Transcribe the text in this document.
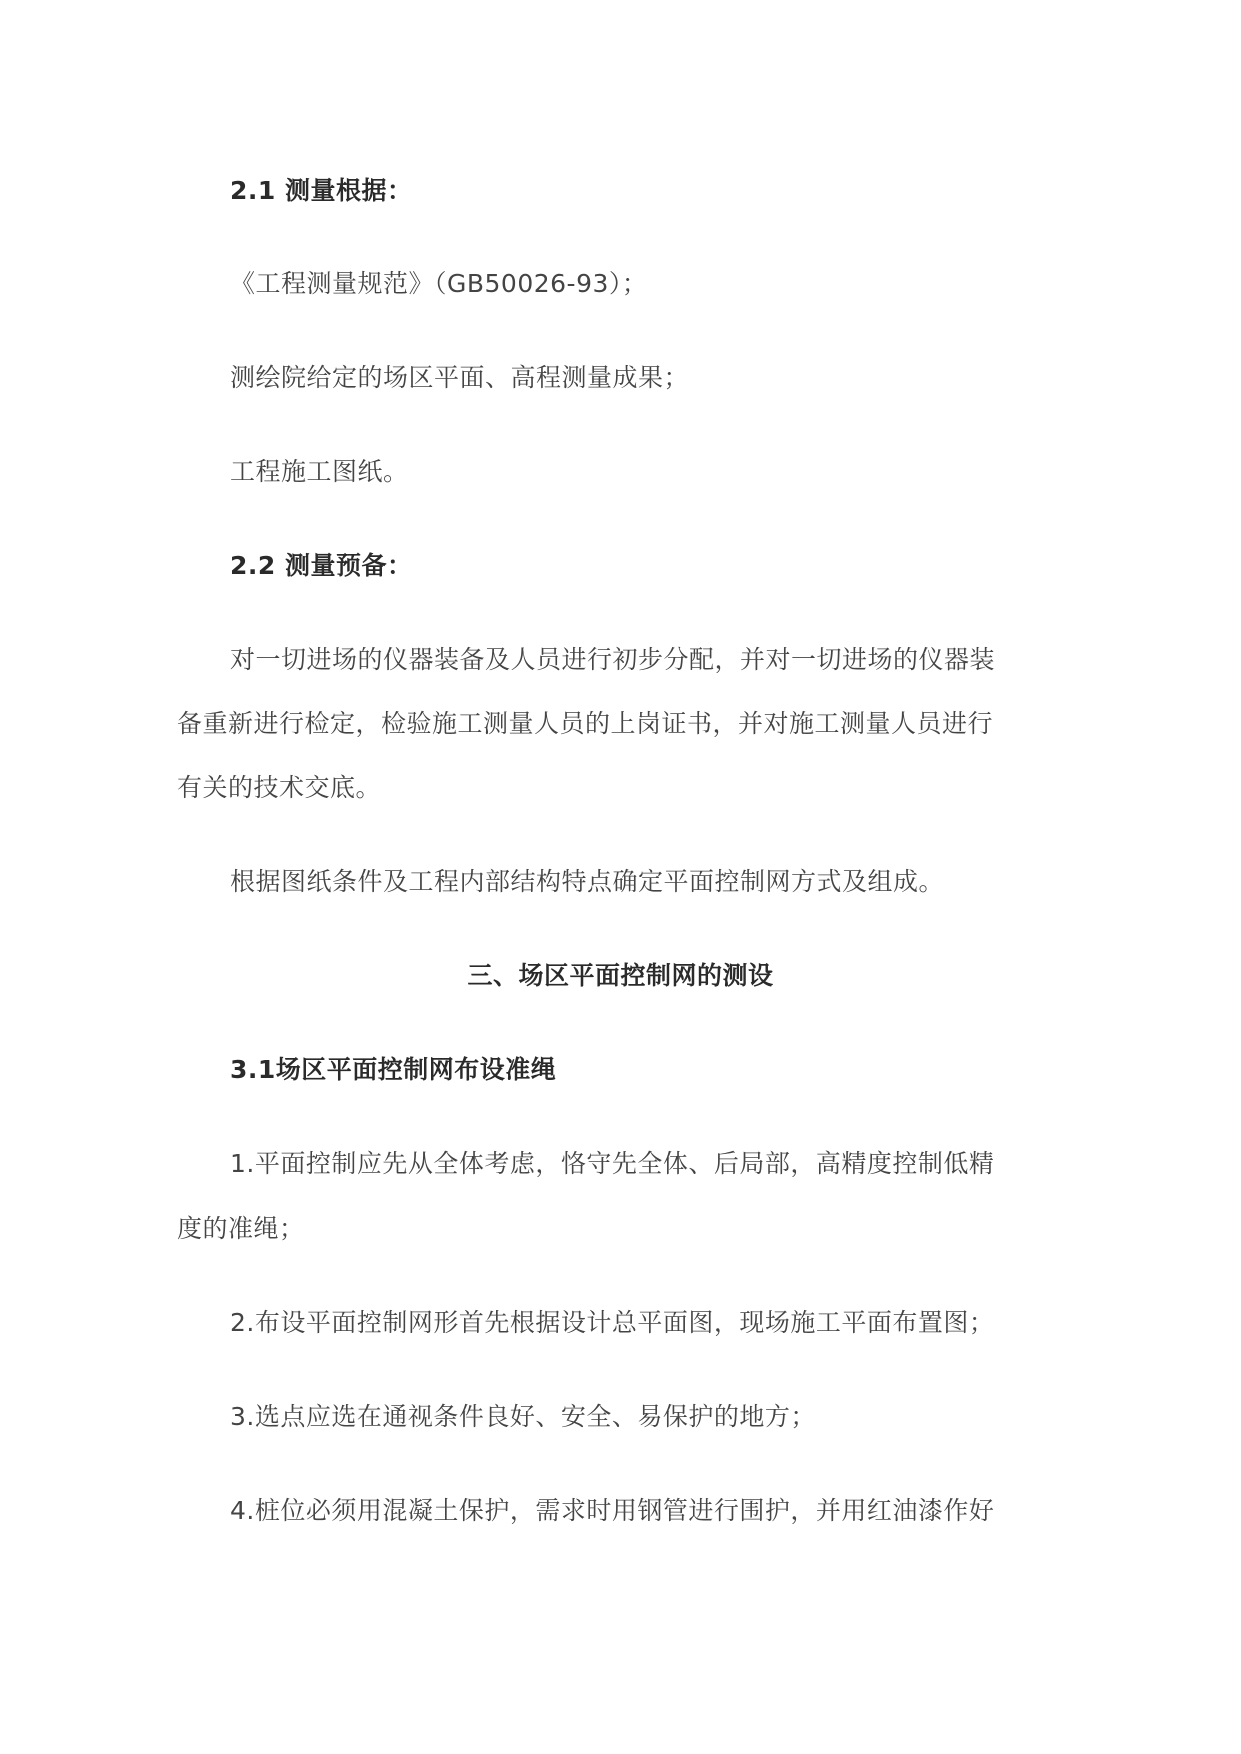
2.1 测量根据：
《工程测量规范》（GB50026-93）；
测绘院给定的场区平面、高程测量成果；
工程施工图纸。
2.2 测量预备：
对一切进场的仪器装备及人员进行初步分配，并对一切进场的仪器装
备重新进行检定，检验施工测量人员的上岗证书，并对施工测量人员进行
有关的技术交底。
根据图纸条件及工程内部结构特点确定平面控制网方式及组成。
三、场区平面控制网的测设
3.1场区平面控制网布设准绳
1.平面控制应先从全体考虑，恪守先全体、后局部，高精度控制低精
度的准绳；
2.布设平面控制网形首先根据设计总平面图，现场施工平面布置图；
3.选点应选在通视条件良好、安全、易保护的地方；
4.桩位必须用混凝土保护，需求时用钢管进行围护，并用红油漆作好
